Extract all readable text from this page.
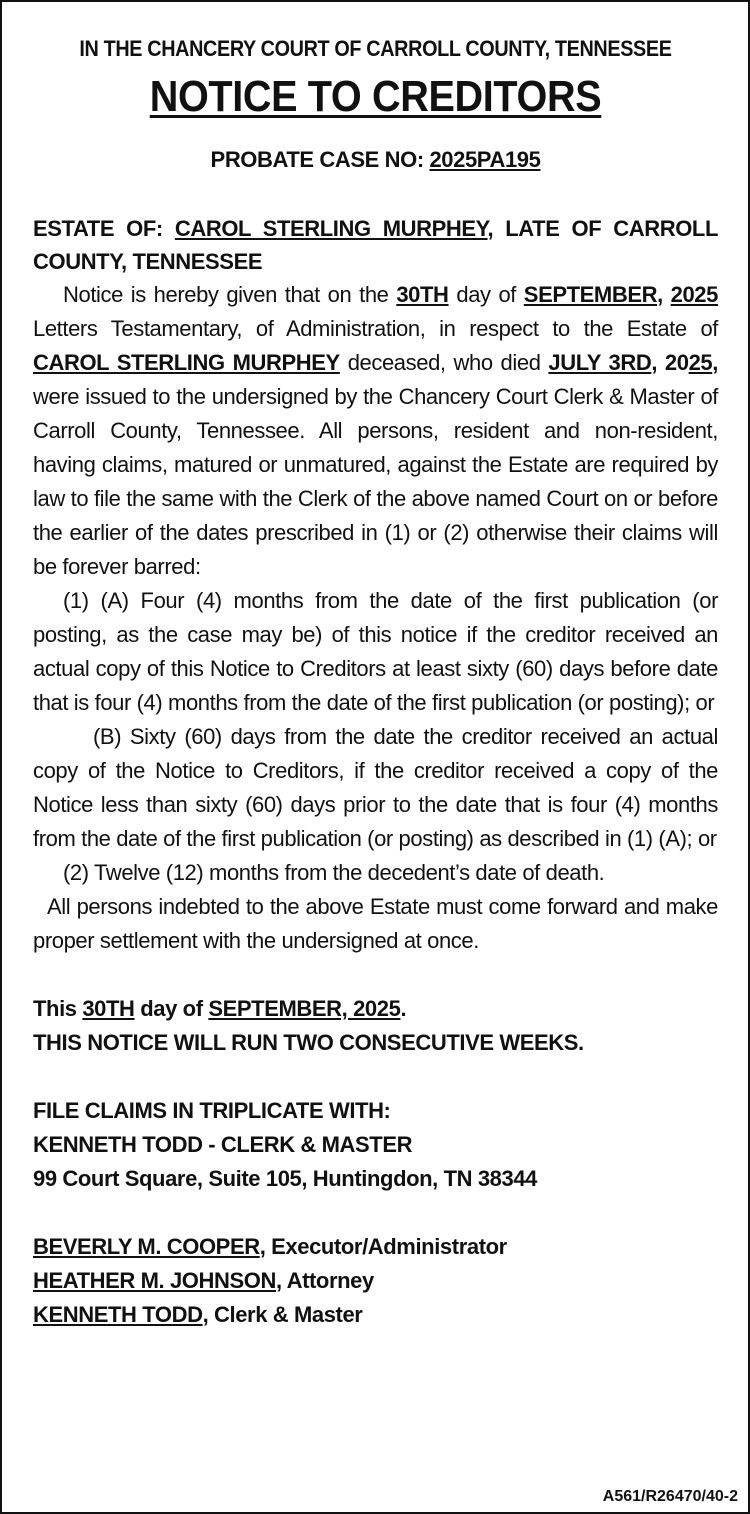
IN THE CHANCERY COURT OF CARROLL COUNTY, TENNESSEE
NOTICE TO CREDITORS
PROBATE CASE NO: 2025PA195
ESTATE OF: CAROL STERLING MURPHEY, LATE OF CARROLL COUNTY, TENNESSEE

Notice is hereby given that on the 30TH day of SEPTEMBER, 2025 Letters Testamentary, of Administration, in respect to the Estate of CAROL STERLING MURPHEY deceased, who died JULY 3RD, 2025, were issued to the undersigned by the Chancery Court Clerk & Master of Carroll County, Tennessee. All persons, resident and non-resident, having claims, matured or unmatured, against the Estate are required by law to file the same with the Clerk of the above named Court on or before the earlier of the dates prescribed in (1) or (2) otherwise their claims will be forever barred:

(1) (A) Four (4) months from the date of the first publication (or posting, as the case may be) of this notice if the creditor received an actual copy of this Notice to Creditors at least sixty (60) days before date that is four (4) months from the date of the first publication (or posting); or

(B) Sixty (60) days from the date the creditor received an actual copy of the Notice to Creditors, if the creditor received a copy of the Notice less than sixty (60) days prior to the date that is four (4) months from the date of the first publication (or posting) as described in (1) (A); or

(2) Twelve (12) months from the decedent’s date of death.

All persons indebted to the above Estate must come forward and make proper settlement with the undersigned at once.

This 30TH day of SEPTEMBER, 2025.
THIS NOTICE WILL RUN TWO CONSECUTIVE WEEKS.
FILE CLAIMS IN TRIPLICATE WITH:
KENNETH TODD - CLERK & MASTER
99 Court Square, Suite 105, Huntingdon, TN 38344
BEVERLY M. COOPER, Executor/Administrator
HEATHER M. JOHNSON, Attorney
KENNETH TODD, Clerk & Master
A561/R26470/40-2
